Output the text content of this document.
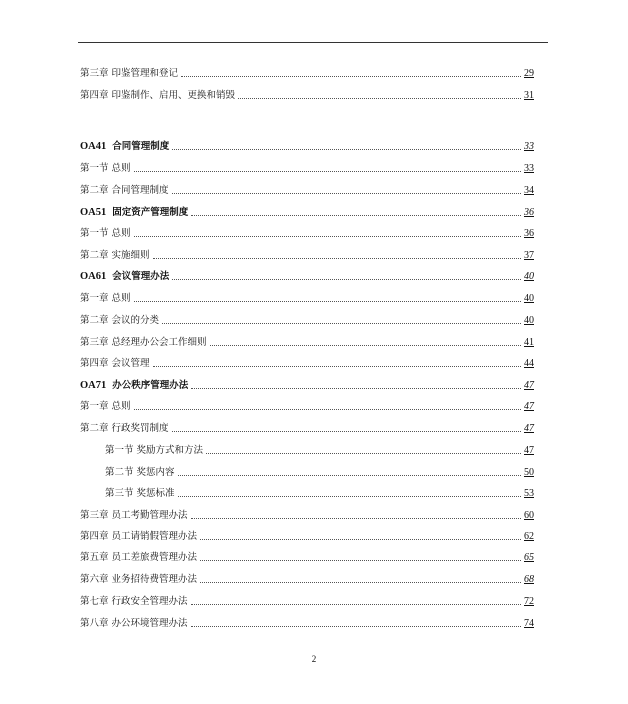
第三章 印鉴管理和登记	29
第四章 印鉴制作、启用、更换和销毁	31
OA41 合同管理制度	33
第一节 总则	33
第二章 合同管理制度	34
OA51 固定资产管理制度	36
第一节 总则	36
第二章 实施细则	37
OA61 会议管理办法	40
第一章 总则	40
第二章 会议的分类	40
第三章 总经理办公会工作细则	41
第四章 会议管理	44
OA71 办公秩序管理办法	47
第一章 总则	47
第二章 行政奖罚制度	47
第一节 奖励方式和方法	47
第二节 奖惩内容	50
第三节 奖惩标准	53
第三章 员工考勤管理办法	60
第四章 员工请销假管理办法	62
第五章 员工差旅费管理办法	65
第六章 业务招待费管理办法	68
第七章 行政安全管理办法	72
第八章 办公环境管理办法	74
2
